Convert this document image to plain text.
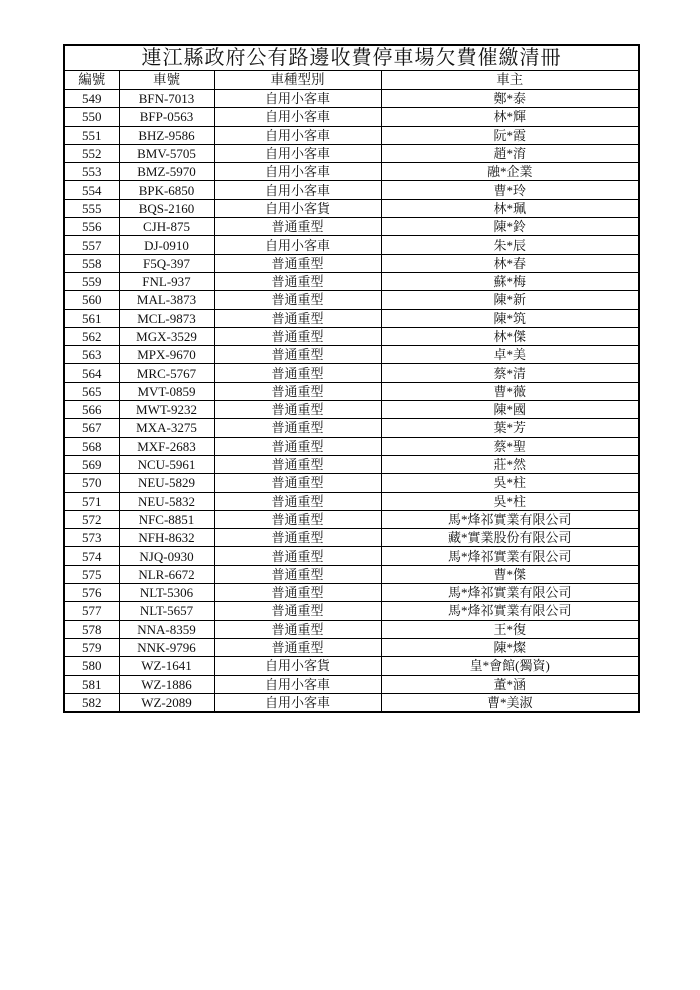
連江縣政府公有路邊收費停車場欠費催繳清冊			
編號	車號	車種型別	車主
549	BFN-7013	自用小客車	鄭*泰
550	BFP-0563	自用小客車	林*輝
551	BHZ-9586	自用小客車	阮*霞
552	BMV-5705	自用小客車	趙*淯
553	BMZ-5970	自用小客車	融*企業
554	BPK-6850	自用小客車	曹*玲
555	BQS-2160	自用小客貨	林*珮
556	CJH-875	普通重型	陳*鈴
557	DJ-0910	自用小客車	朱*辰
558	F5Q-397	普通重型	林*春
559	FNL-937	普通重型	蘇*梅
560	MAL-3873	普通重型	陳*新
561	MCL-9873	普通重型	陳*筑
562	MGX-3529	普通重型	林*傑
563	MPX-9670	普通重型	卓*美
564	MRC-5767	普通重型	蔡*清
565	MVT-0859	普通重型	曹*薇
566	MWT-9232	普通重型	陳*國
567	MXA-3275	普通重型	葉*芳
568	MXF-2683	普通重型	蔡*聖
569	NCU-5961	普通重型	莊*然
570	NEU-5829	普通重型	吳*柱
571	NEU-5832	普通重型	吳*柱
572	NFC-8851	普通重型	馬*烽祁實業有限公司
573	NFH-8632	普通重型	藏*實業股份有限公司
574	NJQ-0930	普通重型	馬*烽祁實業有限公司
575	NLR-6672	普通重型	曹*傑
576	NLT-5306	普通重型	馬*烽祁實業有限公司
577	NLT-5657	普通重型	馬*烽祁實業有限公司
578	NNA-8359	普通重型	王*復
579	NNK-9796	普通重型	陳*燦
580	WZ-1641	自用小客貨	皇*會館(獨資)
581	WZ-1886	自用小客車	董*涵
582	WZ-2089	自用小客車	曹*美淑
